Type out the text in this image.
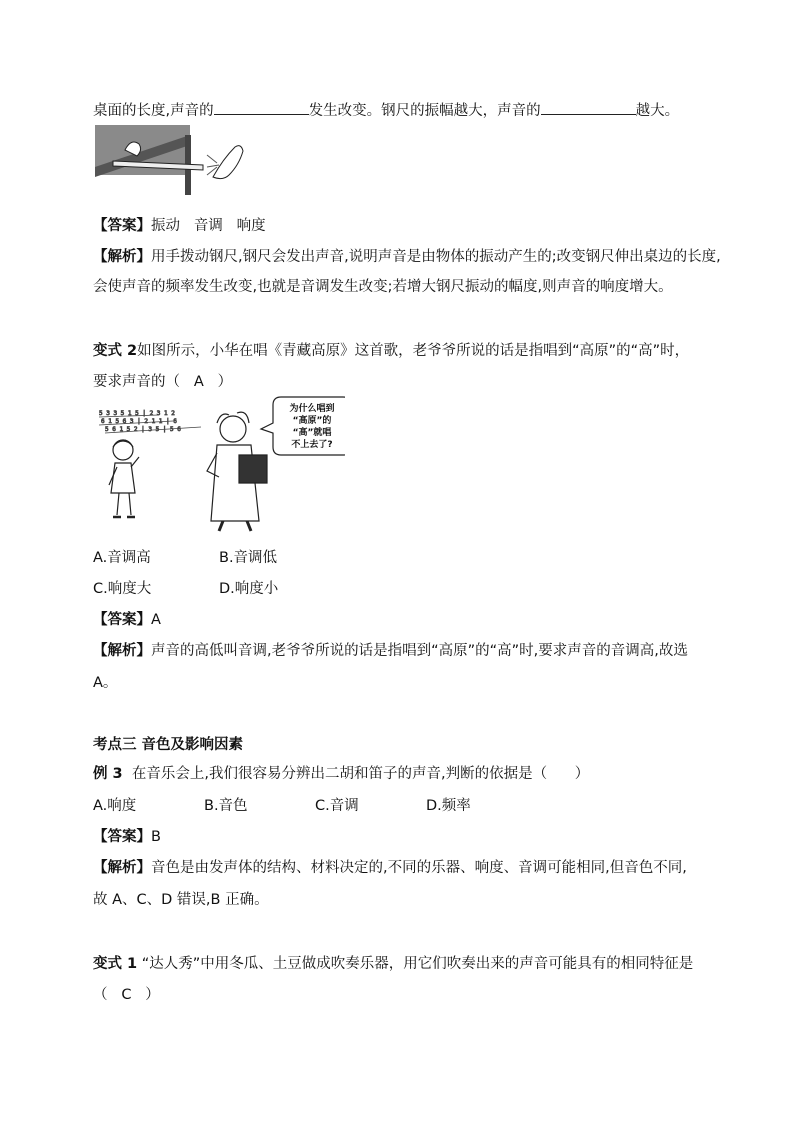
桌面的长度,声音的	发生改变。钢尺的振幅越大，声音的	越大。
【答案】振动   音调   响度
【解析】用手拨动钢尺,钢尺会发出声音,说明声音是由物体的振动产生的;改变钢尺伸出桌边的长度,
会使声音的频率发生改变,也就是音调发生改变;若增大钢尺振动的幅度,则声音的响度增大。
变式 2如图所示，小华在唱《青藏高原》这首歌，老爷爷所说的话是指唱到“高原”的“高”时，
要求声音的（   A   ）
5 3 3 5 1 5 | 2 3 1 2
6 1 5 6 3 | 2 1 1 | 6
5 6 1 5 2 | 3 5 | 5 6
为什么唱到
“高原”的
“高”就唱
不上去了?
A.音调高	B.音调低
C.响度大	D.响度小
【答案】A
【解析】声音的高低叫音调,老爷爷所说的话是指唱到“高原”的“高”时,要求声音的音调高,故选
A。
考点三 音色及影响因素
例 3  在音乐会上,我们很容易分辨出二胡和笛子的声音,判断的依据是（      ）
A.响度	B.音色	C.音调	D.频率
【答案】B
【解析】音色是由发声体的结构、材料决定的,不同的乐器、响度、音调可能相同,但音色不同,
故 A、C、D 错误,B 正确。
变式 1 “达人秀”中用冬瓜、土豆做成吹奏乐器，用它们吹奏出来的声音可能具有的相同特征是
（   C   ）
